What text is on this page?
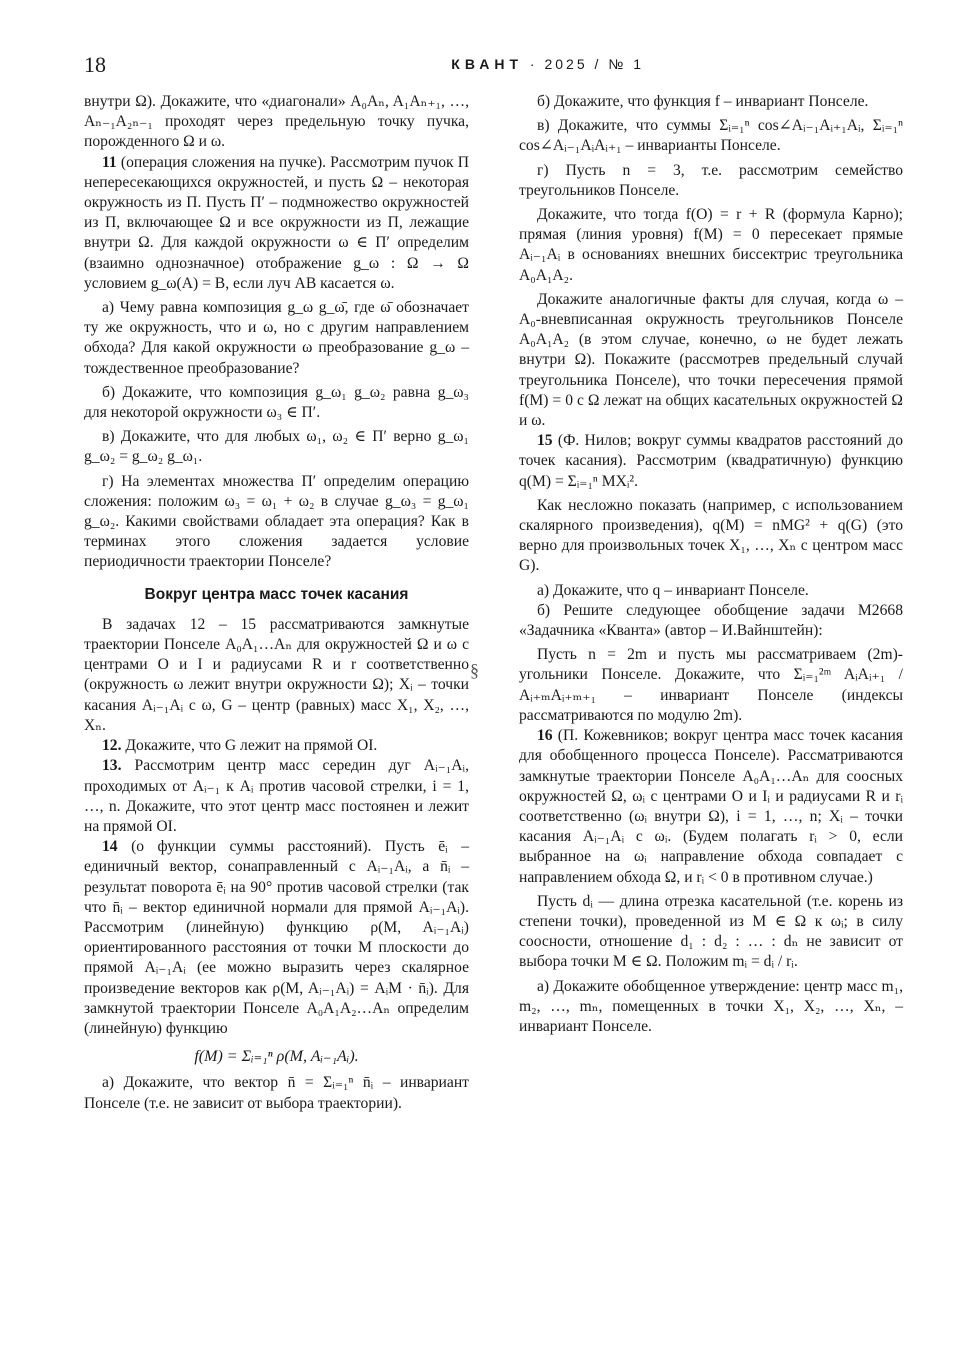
18	КВАНТ · 2025 / № 1

внутри Ω). Докажите, что «диагонали» A₀Aₙ, A₁Aₙ₊₁, …, Aₙ₋₁A₂ₙ₋₁ проходят через предельную точку пучка, порожденного Ω и ω.

11 (операция сложения на пучке). Рассмотрим пучок Π непересекающихся окружностей, и пусть Ω – некоторая окружность из Π. Пусть Π′ – подмножество окружностей из Π, включающее Ω и все окружности из Π, лежащие внутри Ω. Для каждой окружности ω ∈ Π′ определим (взаимно однозначное) отображение g_ω : Ω → Ω условием g_ω(A) = B, если луч AB касается ω.

а) Чему равна композиция g_ω g_ω̄, где ω̄ обозначает ту же окружность, что и ω, но с другим направлением обхода? Для какой окружности ω преобразование g_ω – тождественное преобразование?

б) Докажите, что композиция g_ω₁ g_ω₂ равна g_ω₃ для некоторой окружности ω₃ ∈ Π′.

в) Докажите, что для любых ω₁, ω₂ ∈ Π′ верно g_ω₁ g_ω₂ = g_ω₂ g_ω₁.

г) На элементах множества Π′ определим операцию сложения: положим ω₃ = ω₁ + ω₂ в случае g_ω₃ = g_ω₁ g_ω₂. Какими свойствами обладает эта операция? Как в терминах этого сложения задается условие периодичности траектории Понселе?

Вокруг центра масс точек касания

В задачах 12 – 15 рассматриваются замкнутые траектории Понселе A₀A₁…Aₙ для окружностей Ω и ω с центрами O и I и радиусами R и r соответственно (окружность ω лежит внутри окружности Ω); Xᵢ – точки касания Aᵢ₋₁Aᵢ с ω, G – центр (равных) масс X₁, X₂, …, Xₙ.

12. Докажите, что G лежит на прямой OI.

13. Рассмотрим центр масс середин дуг Aᵢ₋₁Aᵢ, проходимых от Aᵢ₋₁ к Aᵢ против часовой стрелки, i = 1, …, n. Докажите, что этот центр масс постоянен и лежит на прямой OI.

14 (о функции суммы расстояний). Пусть ēᵢ – единичный вектор, сонаправленный с Aᵢ₋₁Aᵢ, а n̄ᵢ – результат поворота ēᵢ на 90° против часовой стрелки (так что n̄ᵢ – вектор единичной нормали для прямой Aᵢ₋₁Aᵢ). Рассмотрим (линейную) функцию ρ(M, Aᵢ₋₁Aᵢ) ориентированного расстояния от точки M плоскости до прямой Aᵢ₋₁Aᵢ (ее можно выразить через скалярное произведение векторов как ρ(M, Aᵢ₋₁Aᵢ) = AᵢM · n̄ᵢ). Для замкнутой траектории Понселе A₀A₁A₂…Aₙ определим (линейную) функцию

f(M) = Σᵢ₌₁ⁿ ρ(M, Aᵢ₋₁Aᵢ).

а) Докажите, что вектор n̄ = Σᵢ₌₁ⁿ n̄ᵢ – инвариант Понселе (т.е. не зависит от выбора траектории).

§

б) Докажите, что функция f – инвариант Понселе.

в) Докажите, что суммы Σᵢ₌₁ⁿ cos∠Aᵢ₋₁Aᵢ₊₁Aᵢ, Σᵢ₌₁ⁿ cos∠Aᵢ₋₁AᵢAᵢ₊₁ – инварианты Понселе.

г) Пусть n = 3, т.е. рассмотрим семейство треугольников Понселе.

Докажите, что тогда f(O) = r + R (формула Карно); прямая (линия уровня) f(M) = 0 пересекает прямые Aᵢ₋₁Aᵢ в основаниях внешних биссектрис треугольника A₀A₁A₂.

Докажите аналогичные факты для случая, когда ω – A₀-вневписанная окружность треугольников Понселе A₀A₁A₂ (в этом случае, конечно, ω не будет лежать внутри Ω). Покажите (рассмотрев предельный случай треугольника Понселе), что точки пересечения прямой f(M) = 0 с Ω лежат на общих касательных окружностей Ω и ω.

15 (Ф. Нилов; вокруг суммы квадратов расстояний до точек касания). Рассмотрим (квадратичную) функцию q(M) = Σᵢ₌₁ⁿ MXᵢ².

Как несложно показать (например, с использованием скалярного произведения), q(M) = nMG² + q(G) (это верно для произвольных точек X₁, …, Xₙ с центром масс G).

а) Докажите, что q – инвариант Понселе.

б) Решите следующее обобщение задачи М2668 «Задачника «Кванта» (автор – И.Вайнштейн):

Пусть n = 2m и пусть мы рассматриваем (2m)-угольники Понселе. Докажите, что Σᵢ₌₁²ᵐ AᵢAᵢ₊₁ / Aᵢ₊ₘAᵢ₊ₘ₊₁ – инвариант Понселе (индексы рассматриваются по модулю 2m).

16 (П. Кожевников; вокруг центра масс точек касания для обобщенного процесса Понселе). Рассматриваются замкнутые траектории Понселе A₀A₁…Aₙ для соосных окружностей Ω, ωᵢ с центрами O и Iᵢ и радиусами R и rᵢ соответственно (ωᵢ внутри Ω), i = 1, …, n; Xᵢ – точки касания Aᵢ₋₁Aᵢ с ωᵢ. (Будем полагать rᵢ > 0, если выбранное на ωᵢ направление обхода совпадает с направлением обхода Ω, и rᵢ < 0 в противном случае.)

Пусть dᵢ — длина отрезка касательной (т.е. корень из степени точки), проведенной из M ∈ Ω к ωᵢ; в силу соосности, отношение d₁ : d₂ : … : dₙ не зависит от выбора точки M ∈ Ω. Положим mᵢ = dᵢ / rᵢ.

а) Докажите обобщенное утверждение: центр масс m₁, m₂, …, mₙ, помещенных в точки X₁, X₂, …, Xₙ, – инвариант Понселе.
